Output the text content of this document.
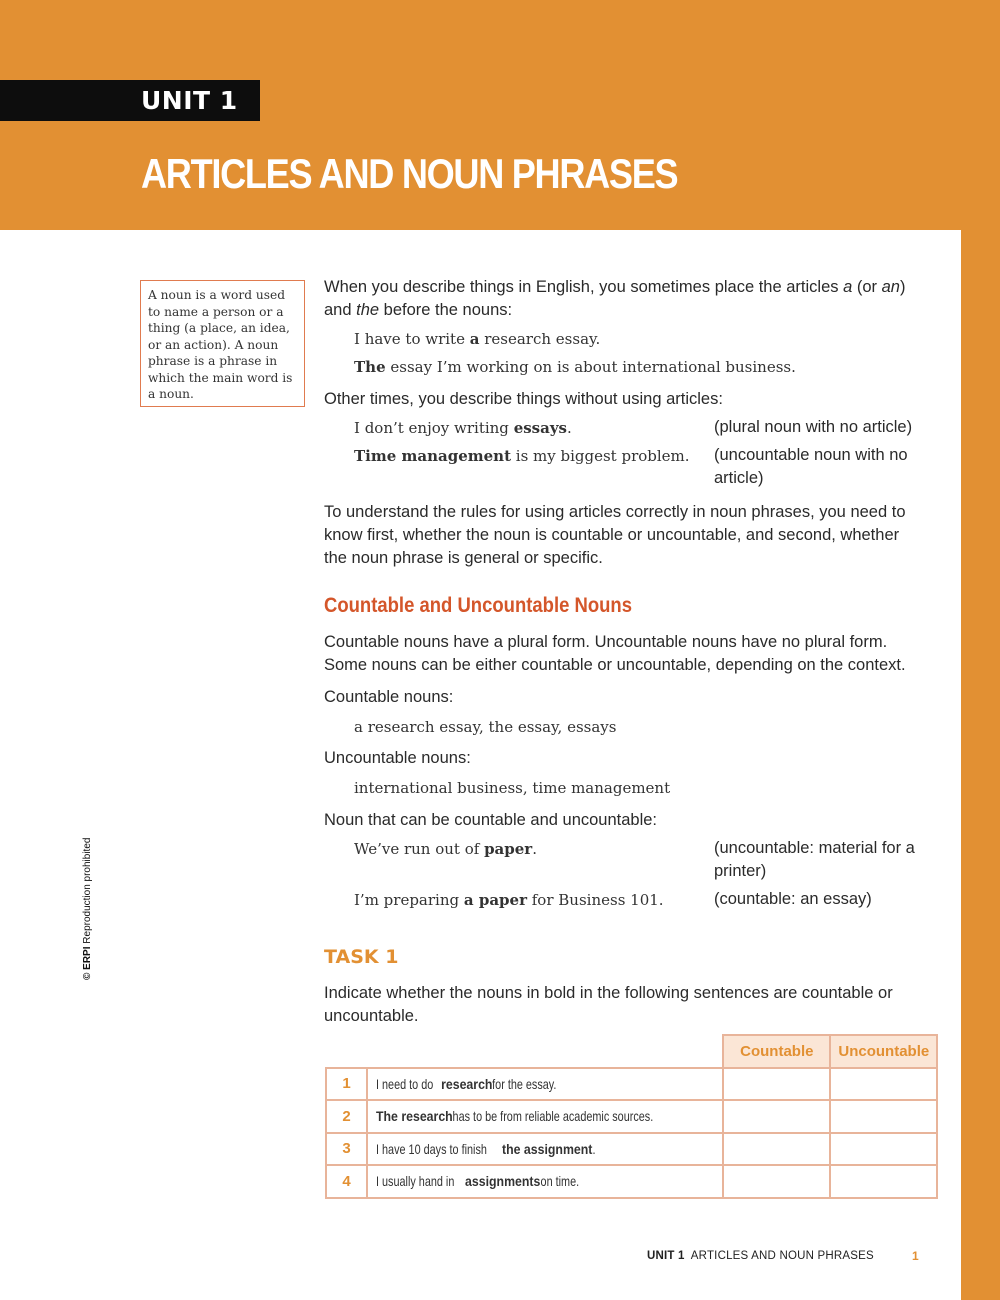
UNIT 1
ARTICLES AND NOUN PHRASES
A noun is a word used to name a person or a thing (a place, an idea, or an action). A noun phrase is a phrase in which the main word is a noun.
© ERPI Reproduction prohibited
When you describe things in English, you sometimes place the articles a (or an)
and the before the nouns:
I have to write a research essay.
The essay I’m working on is about international business.
Other times, you describe things without using articles:
I don’t enjoy writing essays.	(plural noun with no article)
Time management is my biggest problem. (uncountable noun with no
article)
To understand the rules for using articles correctly in noun phrases, you need to
know first, whether the noun is countable or uncountable, and second, whether
the noun phrase is general or specific.
Countable and Uncountable Nouns
Countable nouns have a plural form. Uncountable nouns have no plural form.
Some nouns can be either countable or uncountable, depending on the context.
Countable nouns:
a research essay, the essay, essays
Uncountable nouns:
international business, time management
Noun that can be countable and uncountable:
We’ve run out of paper.	(uncountable: material for a
printer)
I’m preparing a paper for Business 101.	(countable: an essay)
TASK 1
Indicate whether the nouns in bold in the following sentences are countable or
uncountable.
		Countable	Uncountable
1	I need to doresearchfor the essay.		
2	The researchhas to be from reliable academic sources.		
3	I have 10 days to finishthe assignment.		
4	I usually hand inassignmentson time.		
UNIT 1 ARTICLES AND NOUN PHRASES	1
